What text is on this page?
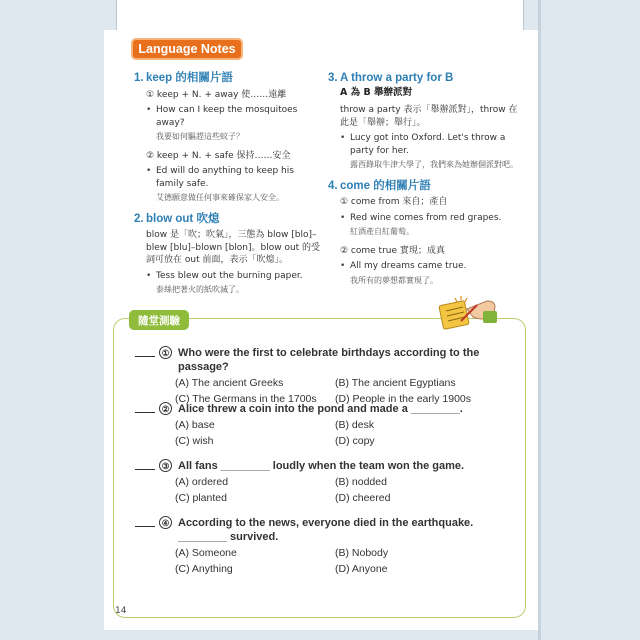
Language Notes
1. keep 的相關片語
① keep + N. + away 使……遠離
• How can I keep the mosquitoes away?
我要如何驅趕這些蚊子？
② keep + N. + safe 保持……安全
• Ed will do anything to keep his family safe.
艾德願意做任何事來確保家人安全。
2. blow out 吹熄
blow 是「吹；吹氣」，三態為 blow [blo]–blew [blu]–blown [blon]。blow out 的受詞可放在 out 前面，表示「吹熄」。
• Tess blew out the burning paper.
泰絲把著火的紙吹滅了。
3. A throw a party for B
A 為 B 舉辦派對
throw a party 表示「舉辦派對」，throw 在此是「舉辦；舉行」。
• Lucy got into Oxford. Let's throw a party for her.
露西錄取牛津大學了，我們來為她辦個派對吧。
4. come 的相關片語
① come from 來自；產自
• Red wine comes from red grapes.
紅酒產自紅葡萄。
② come true 實現；成真
• All my dreams came true.
我所有的夢想都實現了。
隨堂測驗
① Who were the first to celebrate birthdays according to the passage?
(A) The ancient Greeks	(B) The ancient Egyptians
(C) The Germans in the 1700s	(D) People in the early 1900s
② Alice threw a coin into the pond and made a ________.
(A) base	(B) desk
(C) wish	(D) copy
③ All fans ________ loudly when the team won the game.
(A) ordered	(B) nodded
(C) planted	(D) cheered
④ According to the news, everyone died in the earthquake. ________ survived.
(A) Someone	(B) Nobody
(C) Anything	(D) Anyone
14
